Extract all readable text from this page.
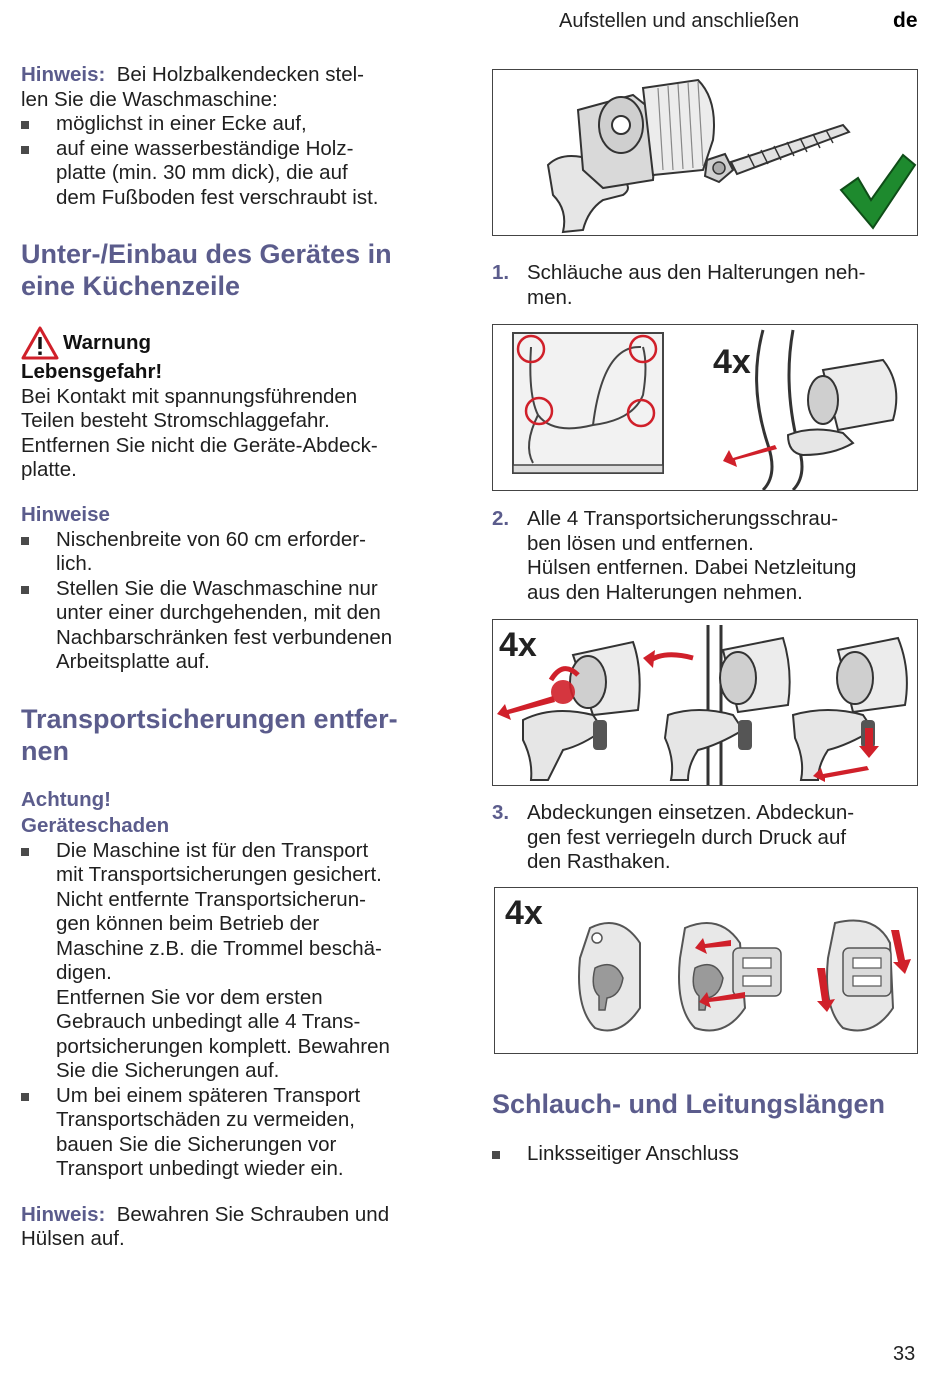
Aufstellen und anschließen	de
Hinweis: Bei Holzbalkendecken stel-
len Sie die Waschmaschine:
möglichst in einer Ecke auf,
auf eine wasserbeständige Holz-
platte (min. 30 mm dick), die auf
dem Fußboden fest verschraubt ist.
Unter-/Einbau des Gerätes in
eine Küchenzeile
Warnung
Lebensgefahr!
Bei Kontakt mit spannungsführenden
Teilen besteht Stromschlaggefahr.
Entfernen Sie nicht die Geräte-Abdeck-
platte.
Hinweise
Nischenbreite von 60 cm erforder-
lich.
Stellen Sie die Waschmaschine nur
unter einer durchgehenden, mit den
Nachbarschränken fest verbundenen
Arbeitsplatte auf.
Transportsicherungen entfer-
nen
Achtung!
Geräteschaden
Die Maschine ist für den Transport
mit Transportsicherungen gesichert.
Nicht entfernte Transportsicherun-
gen können beim Betrieb der
Maschine z.B. die Trommel beschä-
digen.
Entfernen Sie vor dem ersten
Gebrauch unbedingt alle 4 Trans-
portsicherungen komplett. Bewahren
Sie die Sicherungen auf.
Um bei einem späteren Transport
Transportschäden zu vermeiden,
bauen Sie die Sicherungen vor
Transport unbedingt wieder ein.
Hinweis: Bewahren Sie Schrauben und
Hülsen auf.
1. Schläuche aus den Halterungen neh-
men.
4x
2. Alle 4 Transportsicherungsschrau-
ben lösen und entfernen.
Hülsen entfernen. Dabei Netzleitung
aus den Halterungen nehmen.
4x
3. Abdeckungen einsetzen. Abdeckun-
gen fest verriegeln durch Druck auf
den Rasthaken.
4x
Schlauch- und Leitungslängen
Linksseitiger Anschluss
33
